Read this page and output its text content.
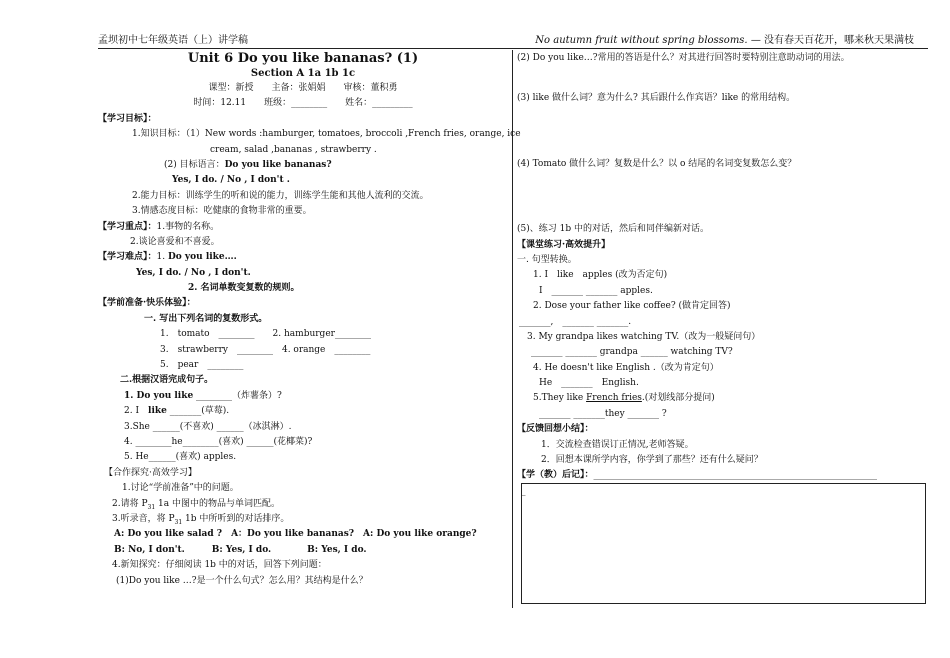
孟坝初中七年级英语（上）讲学稿	No autumn fruit without spring blossoms. — 没有春天百花开，哪来秋天果满枝
Unit 6 Do you like bananas? (1)
Section A 1a 1b 1c
课型：新授　　主备：张娟娟　　审核：董积勇
时间：12.11　　班级：________　　姓名：_________
【学习目标】：
1.知识目标：（1）New words :hamburger, tomatoes, broccoli ,French fries, orange, ice
cream, salad ,bananas , strawberry .
(2) 目标语言：Do you like bananas?
Yes, I do. / No , I don't .
2.能力目标：训练学生的听和说的能力，训练学生能和其他人流利的交流。
3.情感态度目标：吃健康的食物非常的重要。
【学习重点】：1.事物的名称。
2.谈论喜爱和不喜爱。
【学习难点】：1. Do you like….
Yes, I do. / No , I don't.
2. 名词单数变复数的规则。
【学前准备·快乐体验】：
一. 写出下列名词的复数形式。
1.　tomato　________　　2. hamburger________
3.　strawberry　________　4. orange　________
5.　pear　________
二.根据汉语完成句子。
1. Do you like ________（炸薯条）?
2. I　 like _______(草莓).
3.She ______(不喜欢) ______（冰淇淋）.
4. ________he________(喜欢) ______(花椰菜)?
5. He______(喜欢) apples.
【合作探究·高效学习】
1.讨论“学前准备”中的问题。
2.请将 $P_{31}$ 1a 中图中的物品与单词匹配。
3.听录音，将 $P_{31}$ 1b 中所听到的对话排序。
A: Do you like salad ?　A：Do you like bananas?　A: Do you like orange?
B: No, I don't.　　　B: Yes, I do.　　　　B: Yes, I do.
4.新知探究：仔细阅读 1b 中的对话，回答下列问题：
(1)Do you like …?是一个什么句式？怎么用？其结构是什么？
(2) Do you like…?常用的答语是什么？对其进行回答时要特别注意助动词的用法。
(3) like 做什么词？意为什么? 其后跟什么作宾语？like 的常用结构。
(4) Tomato 做什么词？复数是什么？以 o 结尾的名词变复数怎么变？
(5)、练习 1b 中的对话，然后和同伴编新对话。
【课堂练习·高效提升】
一. 句型转换。
1. I　like　apples (改为否定句)
I　_______ _______ apples.
2. Dose your father like coffee? (做肯定回答)
_______,　_______ _______.
3. My grandpa likes watching TV.（改为一般疑问句）
_______ _______ grandpa ______ watching TV?
4. He doesn't like English .（改为肯定句）
He　_______　English.
5.They like French fries.(对划线部分提问)
_______ _______they _______ ?
【反馈回想小结】：
1．交流检查错误订正情况,老师答疑。
2．回想本课所学内容，你学到了那些？还有什么疑问？
【学（教）后记】：_______________________________________________________________
_
